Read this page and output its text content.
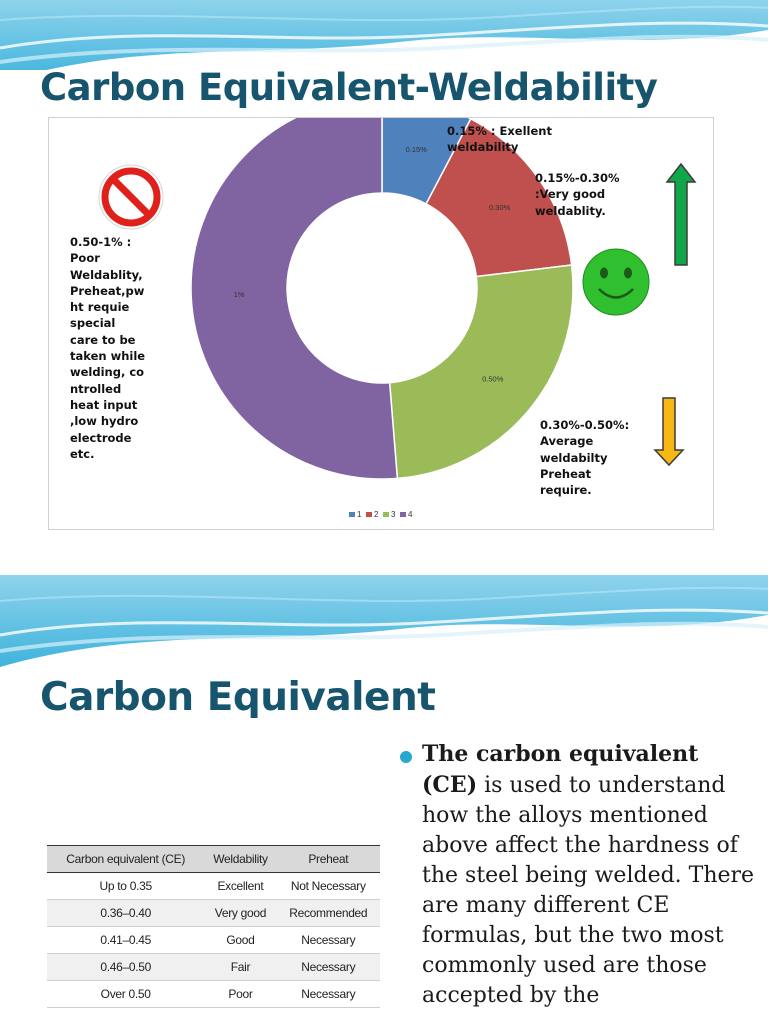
Carbon Equivalent-Weldability
0.15%
0.30%
0.50%
1%
1 2 3 4
0.15% : Exellent
weldability
0.15%-0.30%
:Very good
weldablity.
0.50-1% :
Poor
Weldablity,
Preheat,pw
ht requie
special
care to be
taken while
welding, co
ntrolled
heat input
,low hydro
electrode
etc.
0.30%-0.50%:
Average
weldabilty
Preheat
require.
Carbon Equivalent
Carbon equivalent (CE)	Weldability	Preheat
Up to 0.35	Excellent	Not Necessary
0.36–0.40	Very good	Recommended
0.41–0.45	Good	Necessary
0.46–0.50	Fair	Necessary
Over 0.50	Poor	Necessary
The carbon equivalent (CE) is used to understand how the alloys mentioned above affect the hardness of the steel being welded. There are many different CE formulas, but the two most commonly used are those accepted by the
